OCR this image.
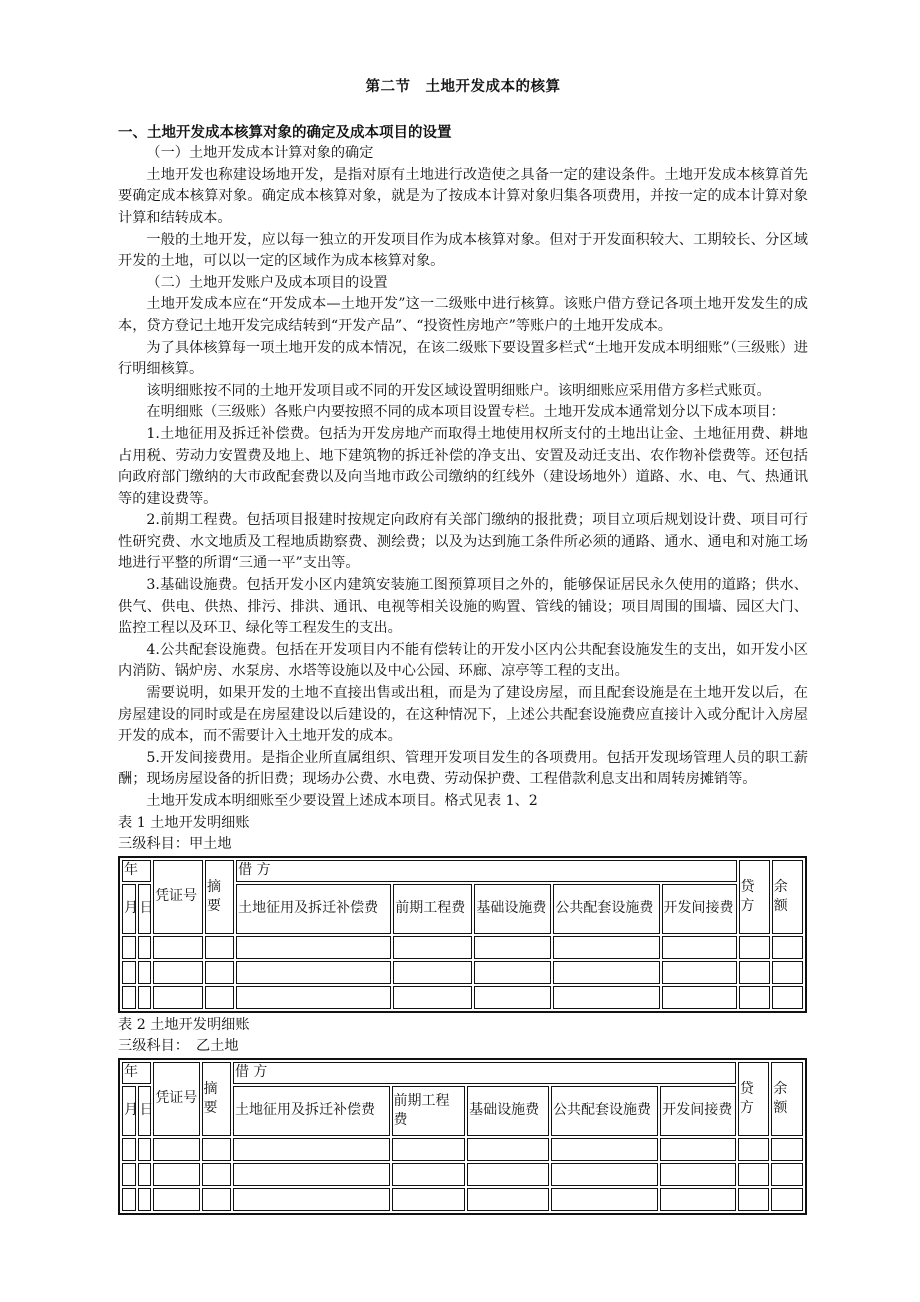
第二节　土地开发成本的核算
一、土地开发成本核算对象的确定及成本项目的设置

（一）土地开发成本计算对象的确定

土地开发也称建设场地开发，是指对原有土地进行改造使之具备一定的建设条件。土地开发成本核算首先要确定成本核算对象。确定成本核算对象，就是为了按成本计算对象归集各项费用，并按一定的成本计算对象计算和结转成本。

一般的土地开发，应以每一独立的开发项目作为成本核算对象。但对于开发面积较大、工期较长、分区域开发的土地，可以以一定的区域作为成本核算对象。

（二）土地开发账户及成本项目的设置

土地开发成本应在“开发成本—土地开发”这一二级账中进行核算。该账户借方登记各项土地开发发生的成本，贷方登记土地开发完成结转到“开发产品”、“投资性房地产”等账户的土地开发成本。

为了具体核算每一项土地开发的成本情况，在该二级账下要设置多栏式“土地开发成本明细账”（三级账）进行明细核算。

该明细账按不同的土地开发项目或不同的开发区域设置明细账户。该明细账应采用借方多栏式账页。

在明细账（三级账）各账户内要按照不同的成本项目设置专栏。土地开发成本通常划分以下成本项目：

1.土地征用及拆迁补偿费。包括为开发房地产而取得土地使用权所支付的土地出让金、土地征用费、耕地占用税、劳动力安置费及地上、地下建筑物的拆迁补偿的净支出、安置及动迁支出、农作物补偿费等。还包括向政府部门缴纳的大市政配套费以及向当地市政公司缴纳的红线外（建设场地外）道路、水、电、气、热通讯等的建设费等。

2.前期工程费。包括项目报建时按规定向政府有关部门缴纳的报批费；项目立项后规划设计费、项目可行性研究费、水文地质及工程地质勘察费、测绘费；以及为达到施工条件所必须的通路、通水、通电和对施工场地进行平整的所谓“三通一平”支出等。

3.基础设施费。包括开发小区内建筑安装施工图预算项目之外的，能够保证居民永久使用的道路；供水、供气、供电、供热、排污、排洪、通讯、电视等相关设施的购置、管线的铺设；项目周围的围墙、园区大门、监控工程以及环卫、绿化等工程发生的支出。

4.公共配套设施费。包括在开发项目内不能有偿转让的开发小区内公共配套设施发生的支出，如开发小区内消防、锅炉房、水泵房、水塔等设施以及中心公园、环廊、凉亭等工程的支出。

需要说明，如果开发的土地不直接出售或出租，而是为了建设房屋，而且配套设施是在土地开发以后，在房屋建设的同时或是在房屋建设以后建设的，在这种情况下，上述公共配套设施费应直接计入或分配计入房屋开发的成本，而不需要计入土地开发的成本。

5.开发间接费用。是指企业所直属组织、管理开发项目发生的各项费用。包括开发现场管理人员的职工薪酬；现场房屋设备的折旧费；现场办公费、水电费、劳动保护费、工程借款利息支出和周转房摊销等。

土地开发成本明细账至少要设置上述成本项目。格式见表 1、2

表 1 土地开发明细账
三级科目：甲土地
年		凭证号	摘要	借 方					贷方	余额
月	日			土地征用及拆迁补偿费	前期工程费	基础设施费	公共配套设施费	开发间接费		

表 2 土地开发明细账
三级科目：　乙土地
年		凭证号	摘要	借 方					贷方	余额
月	日			土地征用及拆迁补偿费	前期工程费	基础设施费	公共配套设施费	开发间接费		
